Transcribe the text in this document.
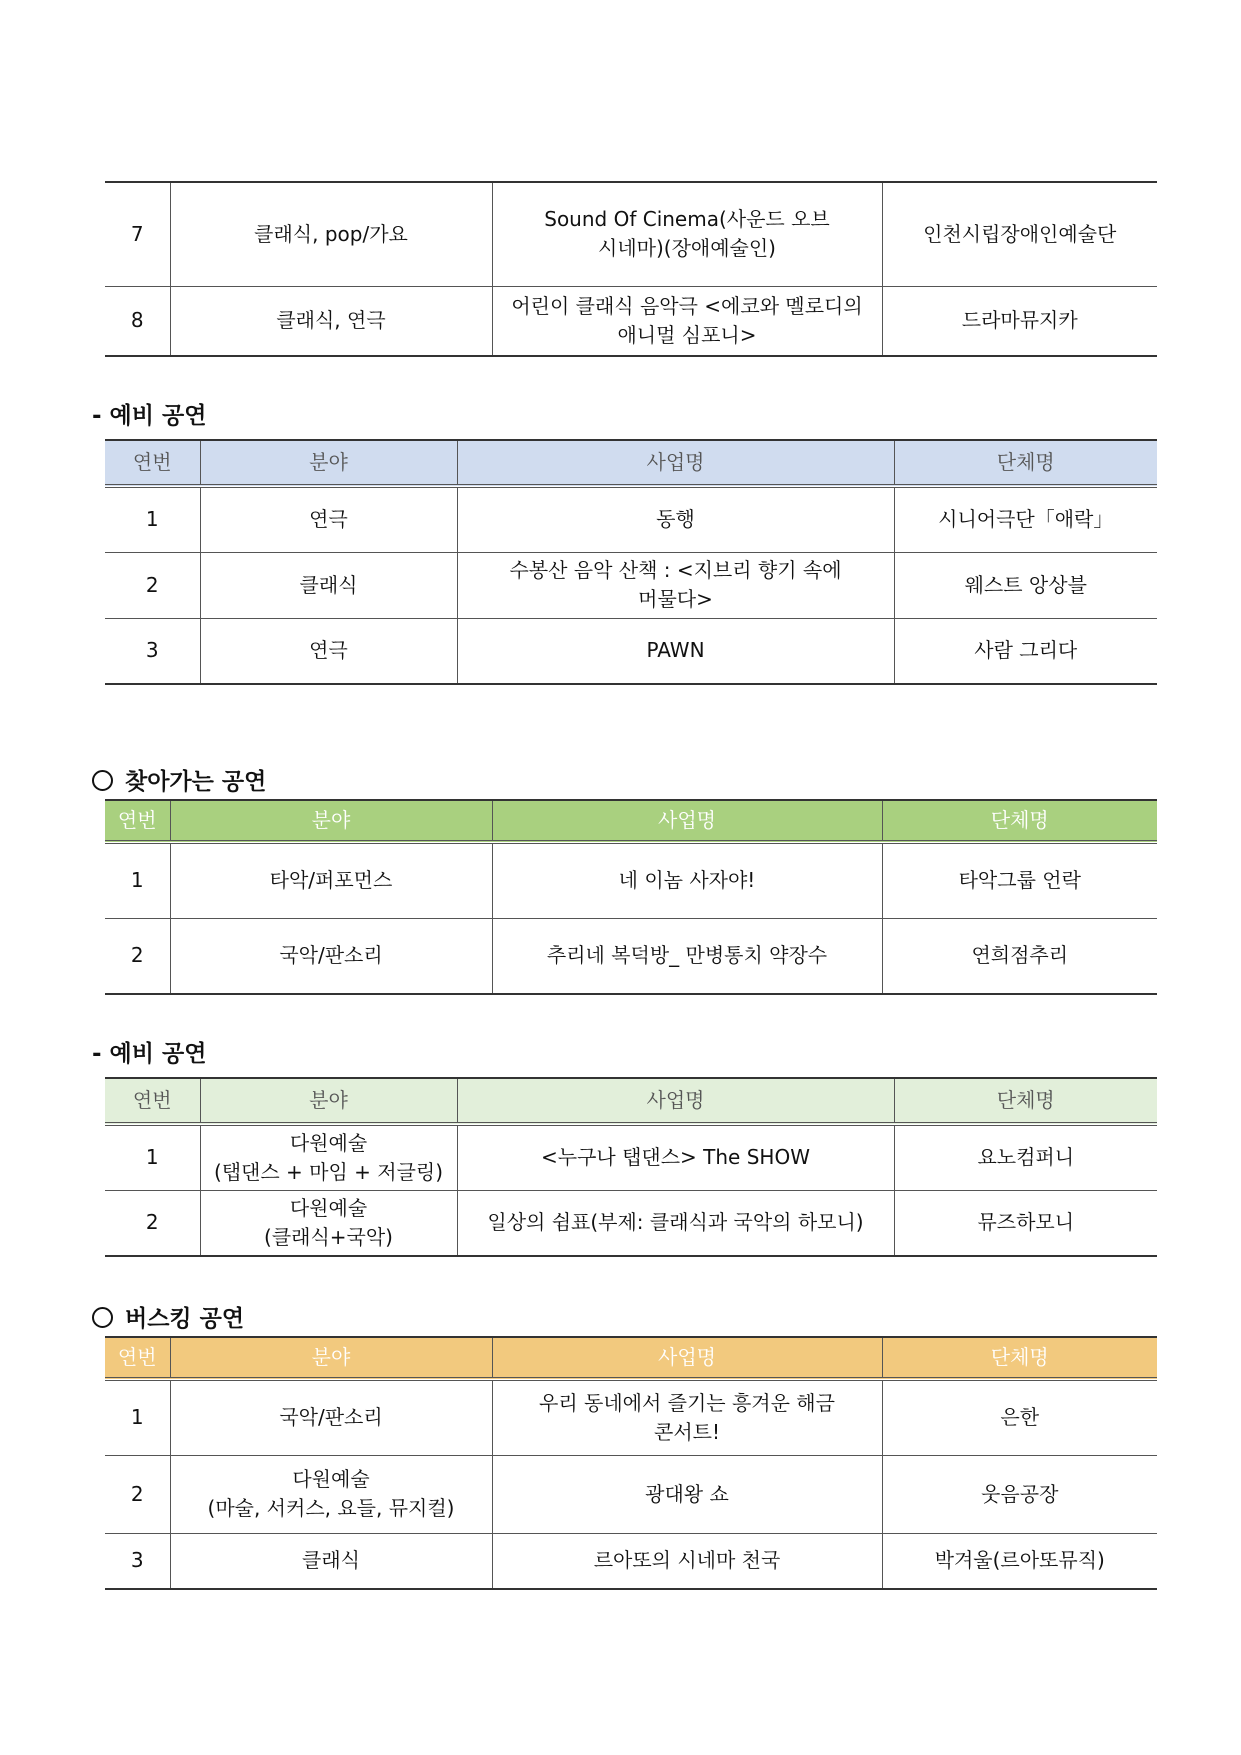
7	클래식, pop/가요	Sound Of Cinema(사운드 오브
시네마)(장애예술인)	인천시립장애인예술단
8	클래식, 연극	어린이 클래식 음악극 <에코와 멜로디의
애니멀 심포니>	드라마뮤지카
- 예비 공연
연번	분야	사업명	단체명
1	연극	동행	시니어극단「애락」
2	클래식	수봉산 음악 산책 : <지브리 향기 속에
머물다>	웨스트 앙상블
3	연극	PAWN	사람 그리다
찾아가는 공연
연번	분야	사업명	단체명
1	타악/퍼포먼스	네 이놈 사자야!	타악그룹 언락
2	국악/판소리	추리네 복덕방_ 만병통치 약장수	연희점추리
- 예비 공연
연번	분야	사업명	단체명
1	다원예술
(탭댄스 + 마임 + 저글링)	<누구나 탭댄스> The SHOW	요노컴퍼니
2	다원예술
(클래식+국악)	일상의 쉼표(부제: 클래식과 국악의 하모니)	뮤즈하모니
버스킹 공연
연번	분야	사업명	단체명
1	국악/판소리	우리 동네에서 즐기는 흥겨운 해금
콘서트!	은한
2	다원예술
(마술, 서커스, 요들, 뮤지컬)	광대왕 쇼	웃음공장
3	클래식	르아또의 시네마 천국	박겨울(르아또뮤직)
